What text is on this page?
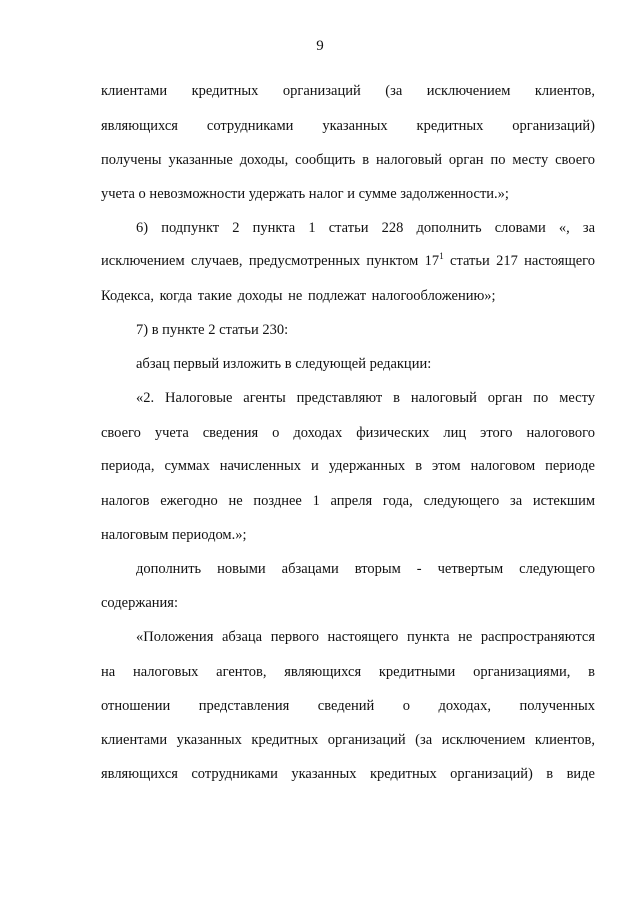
9
клиентами кредитных организаций (за исключением клиентов,
являющихся сотрудниками указанных кредитных организаций)
получены указанные доходы, сообщить в налоговый орган по месту своего
учета о невозможности удержать налог и сумме задолженности.»;
6) подпункт 2 пункта 1 статьи 228 дополнить словами «, за
исключением случаев, предусмотренных пунктом $17^1$ статьи 217 настоящего
Кодекса, когда такие доходы не подлежат налогообложению»;
7) в пункте 2 статьи 230:
абзац первый изложить в следующей редакции:
«2. Налоговые агенты представляют в налоговый орган по месту
своего учета сведения о доходах физических лиц этого налогового
периода, суммах начисленных и удержанных в этом налоговом периоде
налогов ежегодно не позднее 1 апреля года, следующего за истекшим
налоговым периодом.»;
дополнить новыми абзацами вторым - четвертым следующего
содержания:
«Положения абзаца первого настоящего пункта не распространяются
на налоговых агентов, являющихся кредитными организациями, в
отношении представления сведений о доходах, полученных
клиентами указанных кредитных организаций (за исключением клиентов,
являющихся сотрудниками указанных кредитных организаций) в виде
